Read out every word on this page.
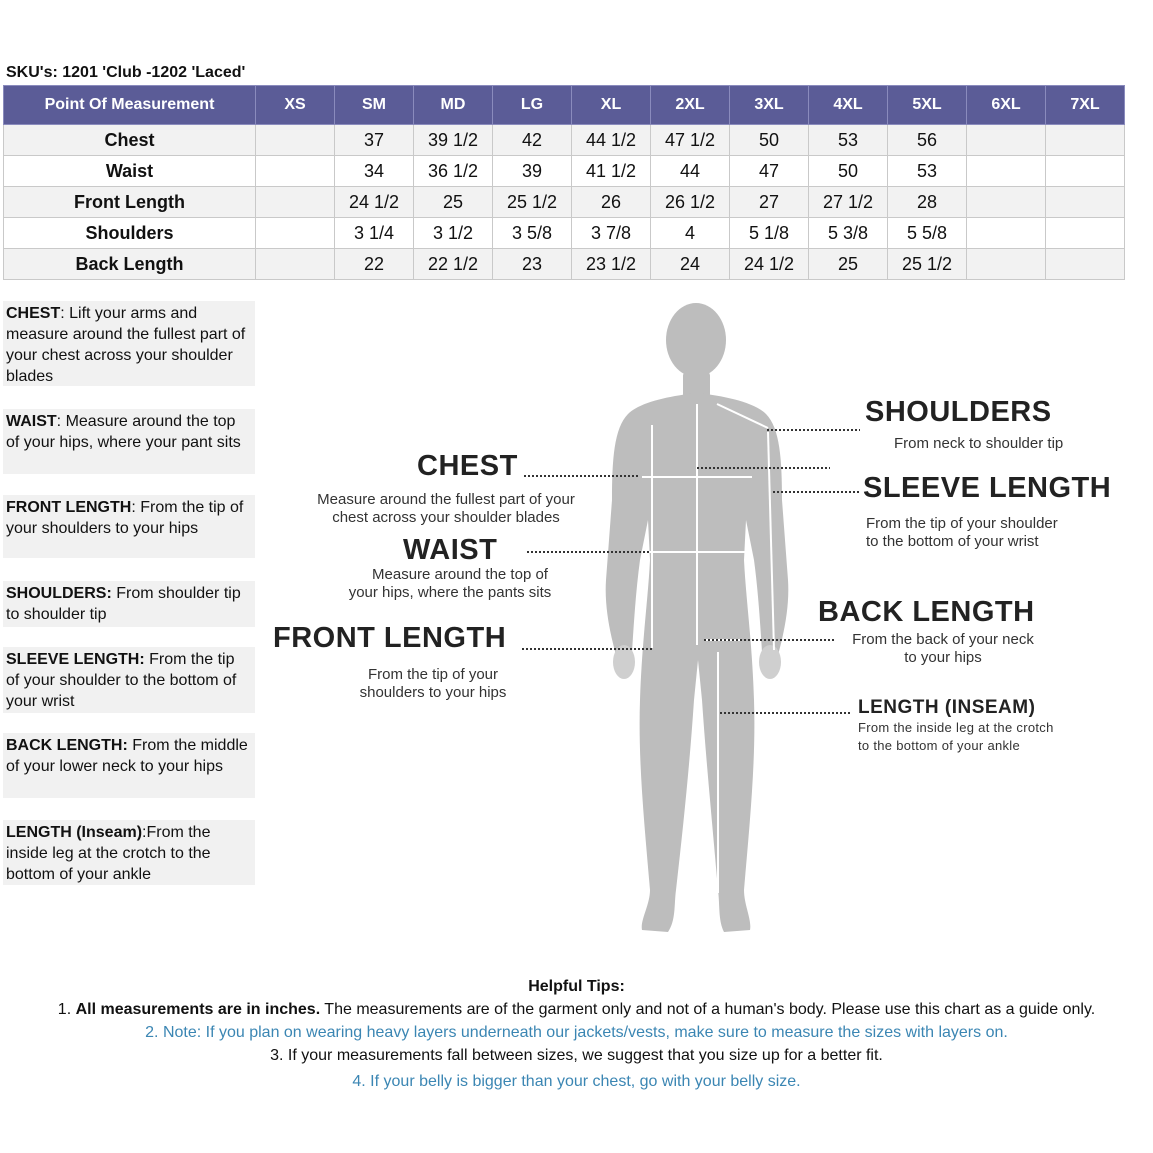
SKU's: 1201 'Club -1202 'Laced'
Point Of Measurement	XS	SM	MD	LG	XL	2XL	3XL	4XL	5XL	6XL	7XL
Chest		37	39 1/2	42	44 1/2	47 1/2	50	53	56		
Waist		34	36 1/2	39	41 1/2	44	47	50	53		
Front Length		24 1/2	25	25 1/2	26	26 1/2	27	27 1/2	28		
Shoulders		3 1/4	3 1/2	3 5/8	3 7/8	4	5 1/8	5 3/8	5 5/8		
Back Length		22	22 1/2	23	23 1/2	24	24 1/2	25	25 1/2		
CHEST: Lift your arms and measure around the fullest part of your chest across your shoulder blades
WAIST: Measure around the top of your hips, where your pant sits
FRONT LENGTH: From the tip of your shoulders to your hips
SHOULDERS: From shoulder tip to shoulder tip
SLEEVE LENGTH: From the tip of your shoulder to the bottom of your wrist
BACK LENGTH: From the middle of your lower neck to your hips
LENGTH (Inseam):From the inside leg at the crotch to the bottom of your ankle
CHEST
Measure around the fullest part of your
chest across your shoulder blades
WAIST
Measure around the top of
your hips, where the pants sits
FRONT LENGTH
From the tip of your
shoulders to your hips
SHOULDERS
From neck to shoulder tip
SLEEVE LENGTH
From the tip of your shoulder
to the bottom of your wrist
BACK LENGTH
From the back of your neck
to your hips
LENGTH (INSEAM)
From the inside leg at the crotch
to the bottom of your ankle
Helpful Tips:
1. All measurements are in inches. The measurements are of the garment only and not of a human's body. Please use this chart as a guide only.
2. Note: If you plan on wearing heavy layers underneath our jackets/vests, make sure to measure the sizes with layers on.
3. If your measurements fall between sizes, we suggest that you size up for a better fit.
4. If your belly is bigger than your chest, go with your belly size.
